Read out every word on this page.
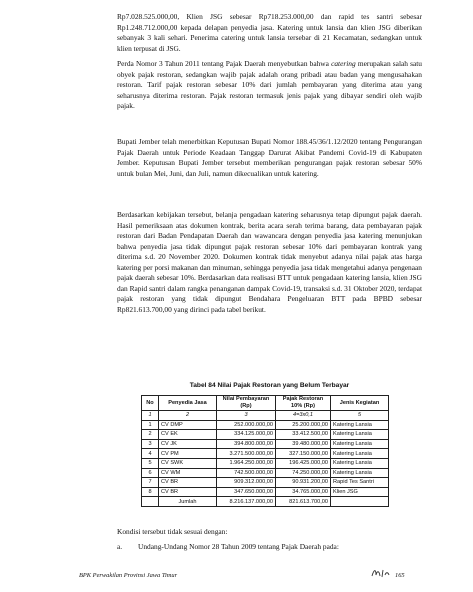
Rp7.028.525.000,00, Klien JSG sebesar Rp718.253.000,00 dan rapid tes santri sebesar Rp1.248.712.000,00 kepada delapan penyedia jasa. Katering untuk lansia dan klien JSG diberikan sebanyak 3 kali sehari. Penerima catering untuk lansia tersebar di 21 Kecamatan, sedangkan untuk klien terpusat di JSG.

Perda Nomor 3 Tahun 2011 tentang Pajak Daerah menyebutkan bahwa catering merupakan salah satu obyek pajak restoran, sedangkan wajib pajak adalah orang pribadi atau badan yang mengusahakan restoran. Tarif pajak restoran sebesar 10% dari jumlah pembayaran yang diterima atau yang seharusnya diterima restoran. Pajak restoran termasuk jenis pajak yang dibayar sendiri oleh wajib pajak.

Bupati Jember telah menerbitkan Keputusan Bupati Nomor 188.45/36/1.12/2020 tentang Pengurangan Pajak Daerah untuk Periode Keadaan Tanggap Darurat Akibat Pandemi Covid-19 di Kabupaten Jember. Keputusan Bupati Jember tersebut memberikan pengurangan pajak restoran sebesar 50% untuk bulan Mei, Juni, dan Juli, namun dikecualikan untuk katering.

Berdasarkan kebijakan tersebut, belanja pengadaan katering seharusnya tetap dipungut pajak daerah. Hasil pemeriksaan atas dokumen kontrak, berita acara serah terima barang, data pembayaran pajak restoran dari Badan Pendapatan Daerah dan wawancara dengan penyedia jasa katering menunjukan bahwa penyedia jasa tidak dipungut pajak restoran sebesar 10% dari pembayaran kontrak yang diterima s.d. 20 November 2020. Dokumen kontrak tidak menyebut adanya nilai pajak atas harga katering per porsi makanan dan minuman, sehingga penyedia jasa tidak mengetahui adanya pengenaan pajak daerah sebesar 10%. Berdasarkan data realisasi BTT untuk pengadaan katering lansia, klien JSG dan Rapid santri dalam rangka penanganan dampak Covid-19, transaksi s.d. 31 Oktober 2020, terdapat pajak restoran yang tidak dipungut Bendahara Pengeluaran BTT pada BPBD sebesar Rp821.613.700,00 yang dirinci pada tabel berikut.

Tabel 84 Nilai Pajak Restoran yang Belum Terbayar
No	Penyedia Jasa	Nilai Pembayaran (Rp)	Pajak Restoran 10% (Rp)	Jenis Kegiatan
1	2	3	4=3x0,1	5
1	CV DMP	252.000.000,00	25.200.000,00	Katering Lansia
2	CV EK	334.125.000,00	33.412.500,00	Katering Lansia
3	CV JK	394.800.000,00	39.480.000,00	Katering Lansia
4	CV PM	3.271.500.000,00	327.150.000,00	Katering Lansia
5	CV SWK	1.964.250.000,00	196.425.000,00	Katering Lansia
6	CV WM	742.500.000,00	74.250.000,00	Katering Lansia
7	CV BR	909.312.000,00	90.931.200,00	Rapid Tes Santri
8	CV BR	347.650.000,00	34.765.000,00	Klien JSG
	Jumlah	8.216.137.000,00	821.613.700,00	
Kondisi tersebut tidak sesuai dengan:
a. Undang-Undang Nomor 28 Tahun 2009 tentang Pajak Daerah pada:
BPK Perwakilan Provinsi Jawa Timur	165
